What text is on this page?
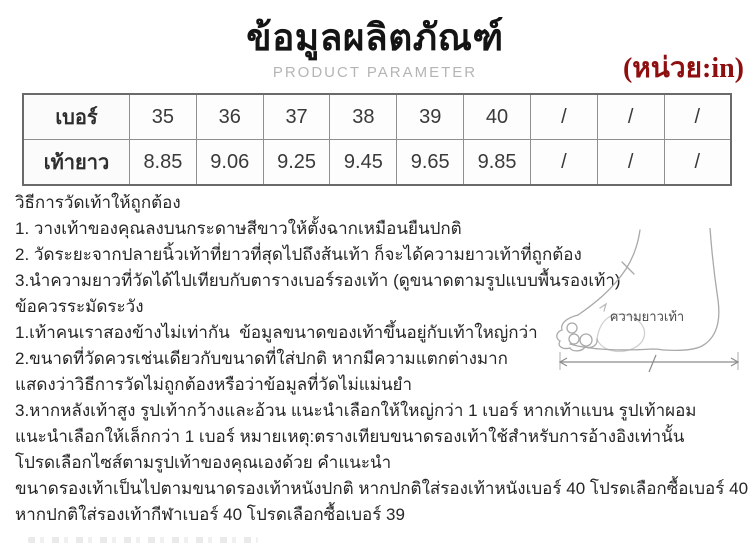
ข้อมูลผลิตภัณฑ์
PRODUCT PARAMETER	(หน่วย:in)
เบอร์	35	36	37	38	39	40	/	/	/
เท้ายาว	8.85	9.06	9.25	9.45	9.65	9.85	/	/	/
วิธีการวัดเท้าให้ถูกต้อง
1. วางเท้าของคุณลงบนกระดาษสีขาวให้ตั้งฉากเหมือนยืนปกติ
2. วัดระยะจากปลายนิ้วเท้าที่ยาวที่สุดไปถึงส้นเท้า ก็จะได้ความยาวเท้าที่ถูกต้อง
3.นำความยาวที่วัดได้ไปเทียบกับตารางเบอร์รองเท้า (ดูขนาดตามรูปแบบพื้นรองเท้า)
ข้อควรระมัดระวัง
1.เท้าคนเราสองข้างไม่เท่ากัน  ข้อมูลขนาดของเท้าขึ้นอยู่กับเท้าใหญ่กว่า
2.ขนาดที่วัดควรเช่นเดียวกับขนาดที่ใส่ปกติ หากมีความแตกต่างมาก
แสดงว่าวิธีการวัดไม่ถูกต้องหรือว่าข้อมูลที่วัดไม่แม่นยำ
3.หากหลังเท้าสูง รูปเท้ากว้างและอ้วน แนะนำเลือกให้ใหญ่กว่า 1 เบอร์ หากเท้าแบน รูปเท้าผอม
แนะนำเลือกให้เล็กกว่า 1 เบอร์ หมายเหตุ:ตรางเทียบขนาดรองเท้าใช้สำหรับการอ้างอิงเท่านั้น
โปรดเลือกไซส์ตามรูปเท้าของคุณเองด้วย คำแนะนำ
ขนาดรองเท้าเป็นไปตามขนาดรองเท้าหนังปกติ หากปกติใส่รองเท้าหนังเบอร์ 40 โปรดเลือกซื้อเบอร์ 40
หากปกติใส่รองเท้ากีฬาเบอร์ 40 โปรดเลือกซื้อเบอร์ 39
ความยาวเท้า
